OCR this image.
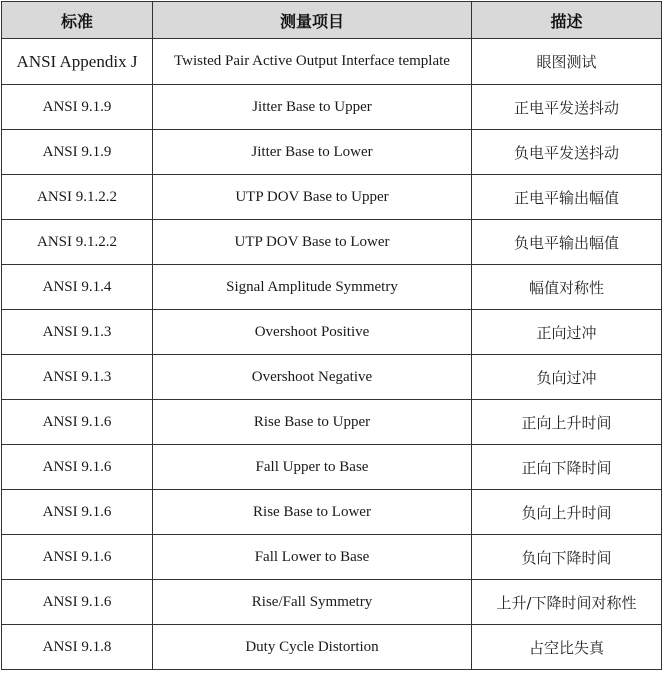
标准	测量项目	描述
ANSI Appendix J	Twisted Pair Active Output Interface template	眼图测试
ANSI 9.1.9	Jitter Base to Upper	正电平发送抖动
ANSI 9.1.9	Jitter Base to Lower	负电平发送抖动
ANSI 9.1.2.2	UTP DOV Base to Upper	正电平输出幅值
ANSI 9.1.2.2	UTP DOV Base to Lower	负电平输出幅值
ANSI 9.1.4	Signal Amplitude Symmetry	幅值对称性
ANSI 9.1.3	Overshoot Positive	正向过冲
ANSI 9.1.3	Overshoot Negative	负向过冲
ANSI 9.1.6	Rise Base to Upper	正向上升时间
ANSI 9.1.6	Fall Upper to Base	正向下降时间
ANSI 9.1.6	Rise Base to Lower	负向上升时间
ANSI 9.1.6	Fall Lower to Base	负向下降时间
ANSI 9.1.6	Rise/Fall Symmetry	上升/下降时间对称性
ANSI 9.1.8	Duty Cycle Distortion	占空比失真
